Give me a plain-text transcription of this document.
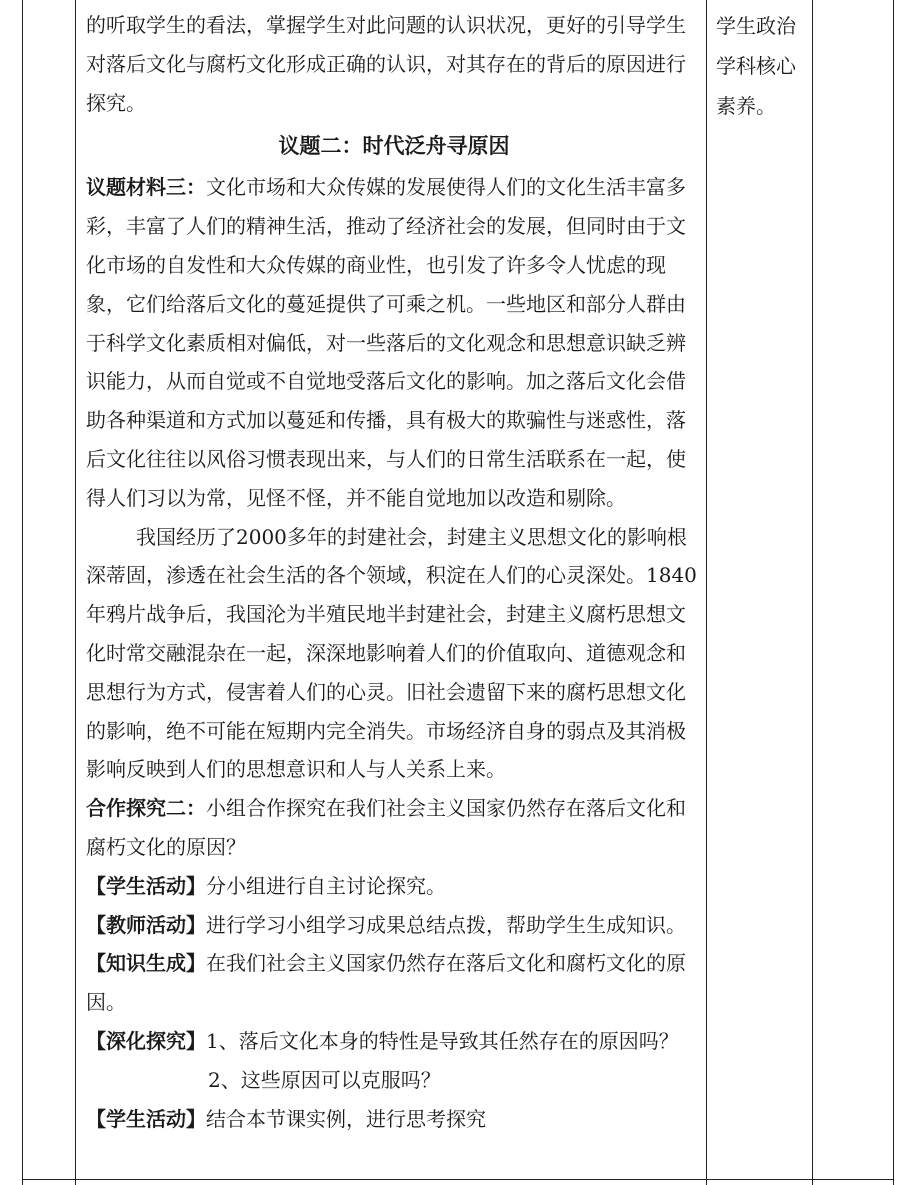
的听取学生的看法，掌握学生对此问题的认识状况，更好的引导学生对落后文化与腐朽文化形成正确的认识，对其存在的背后的原因进行探究。

议题二：时代泛舟寻原因

议题材料三：文化市场和大众传媒的发展使得人们的文化生活丰富多彩，丰富了人们的精神生活，推动了经济社会的发展，但同时由于文化市场的自发性和大众传媒的商业性，也引发了许多令人忧虑的现象，它们给落后文化的蔓延提供了可乘之机。一些地区和部分人群由于科学文化素质相对偏低，对一些落后的文化观念和思想意识缺乏辨识能力，从而自觉或不自觉地受落后文化的影响。加之落后文化会借助各种渠道和方式加以蔓延和传播，具有极大的欺骗性与迷惑性，落后文化往往以风俗习惯表现出来，与人们的日常生活联系在一起，使得人们习以为常，见怪不怪，并不能自觉地加以改造和剔除。

我国经历了2000多年的封建社会，封建主义思想文化的影响根深蒂固，渗透在社会生活的各个领域，积淀在人们的心灵深处。1840年鸦片战争后，我国沦为半殖民地半封建社会，封建主义腐朽思想文化时常交融混杂在一起，深深地影响着人们的价值取向、道德观念和思想行为方式，侵害着人们的心灵。旧社会遗留下来的腐朽思想文化的影响，绝不可能在短期内完全消失。市场经济自身的弱点及其消极影响反映到人们的思想意识和人与人关系上来。

合作探究二：小组合作探究在我们社会主义国家仍然存在落后文化和腐朽文化的原因？

【学生活动】分小组进行自主讨论探究。

【教师活动】进行学习小组学习成果总结点拨，帮助学生生成知识。

【知识生成】在我们社会主义国家仍然存在落后文化和腐朽文化的原因。

【深化探究】1、落后文化本身的特性是导致其任然存在的原因吗？

2、这些原因可以克服吗？

【学生活动】结合本节课实例，进行思考探究

学生政治
学科核心
素养。
